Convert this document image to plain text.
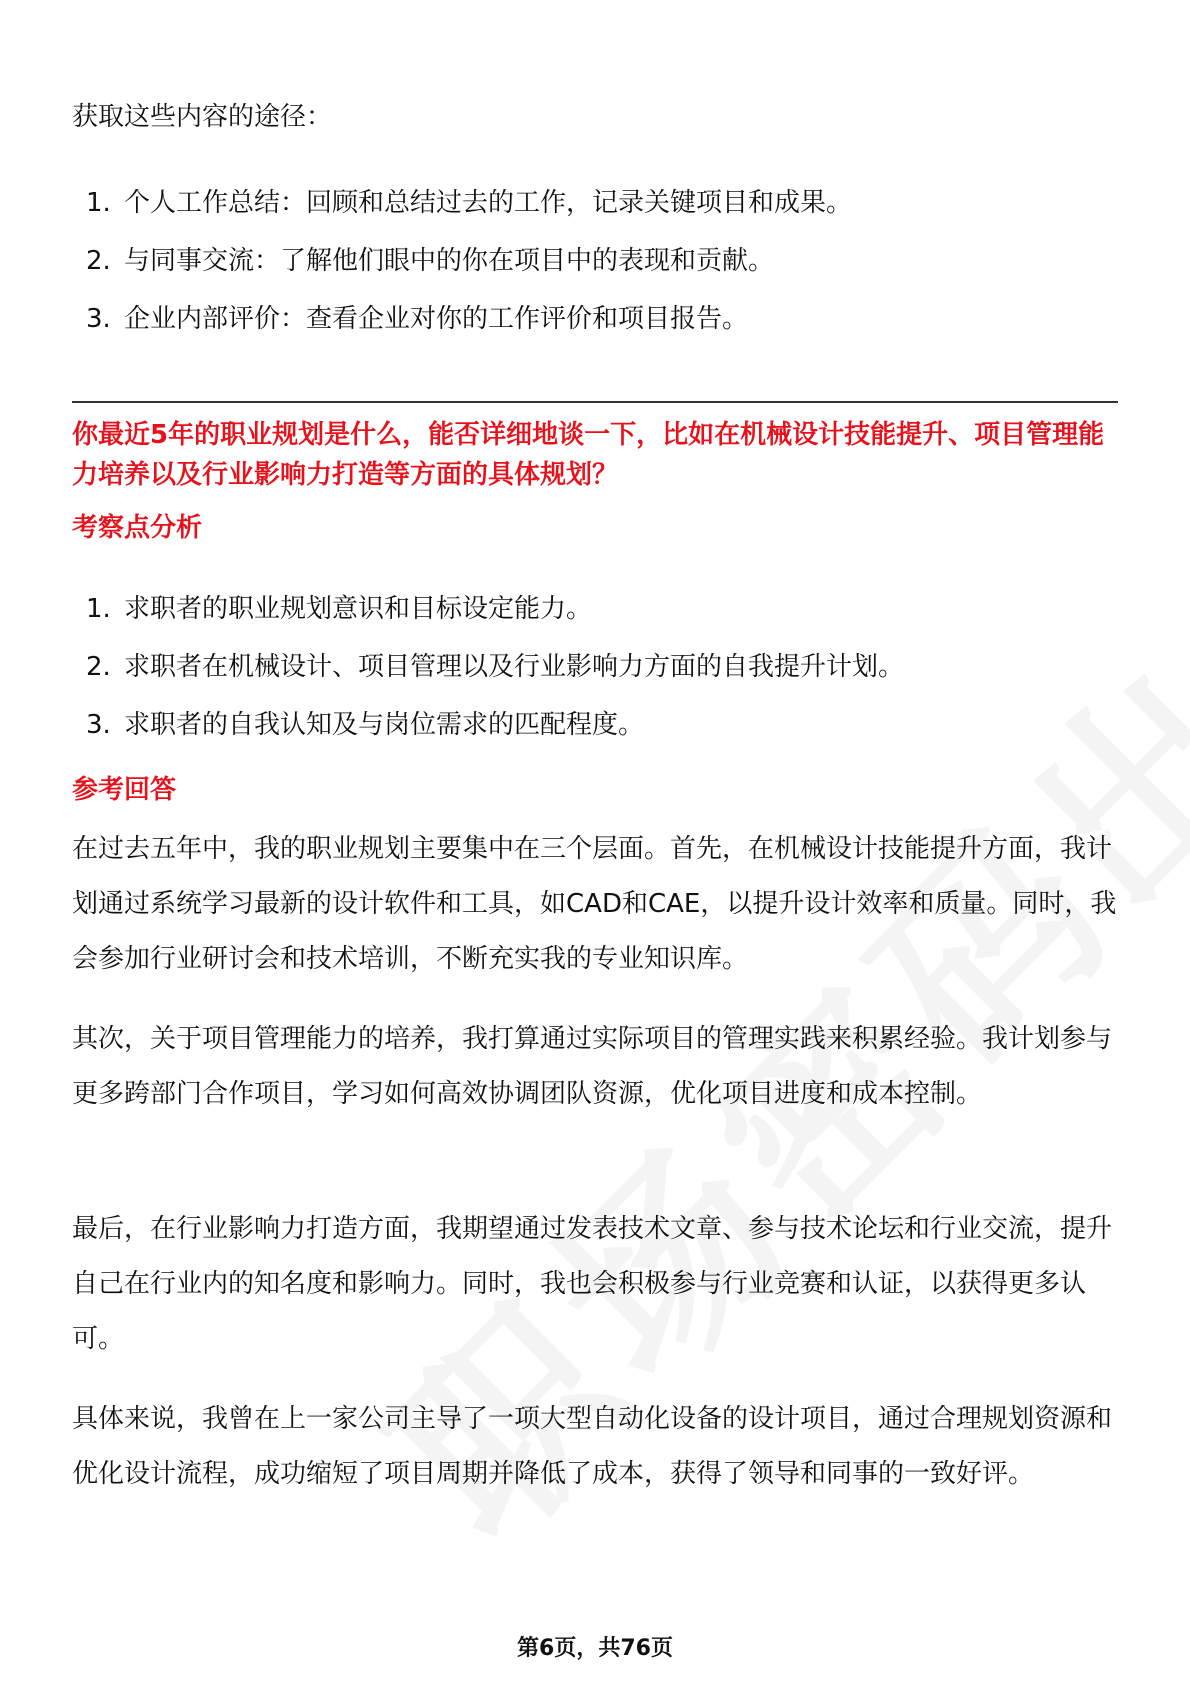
获取这些内容的途径：

1. 个人工作总结：回顾和总结过去的工作，记录关键项目和成果。
2. 与同事交流：了解他们眼中的你在项目中的表现和贡献。
3. 企业内部评价：查看企业对你的工作评价和项目报告。

你最近5年的职业规划是什么，能否详细地谈一下，比如在机械设计技能提升、项目管理能力培养以及行业影响力打造等方面的具体规划？

考察点分析

1. 求职者的职业规划意识和目标设定能力。
2. 求职者在机械设计、项目管理以及行业影响力方面的自我提升计划。
3. 求职者的自我认知及与岗位需求的匹配程度。

参考回答

在过去五年中，我的职业规划主要集中在三个层面。首先，在机械设计技能提升方面，我计划通过系统学习最新的设计软件和工具，如CAD和CAE，以提升设计效率和质量。同时，我会参加行业研讨会和技术培训，不断充实我的专业知识库。

其次，关于项目管理能力的培养，我打算通过实际项目的管理实践来积累经验。我计划参与更多跨部门合作项目，学习如何高效协调团队资源，优化项目进度和成本控制。

最后，在行业影响力打造方面，我期望通过发表技术文章、参与技术论坛和行业交流，提升自己在行业内的知名度和影响力。同时，我也会积极参与行业竞赛和认证，以获得更多认可。

具体来说，我曾在上一家公司主导了一项大型自动化设备的设计项目，通过合理规划资源和优化设计流程，成功缩短了项目周期并降低了成本，获得了领导和同事的一致好评。

第6页，共76页
